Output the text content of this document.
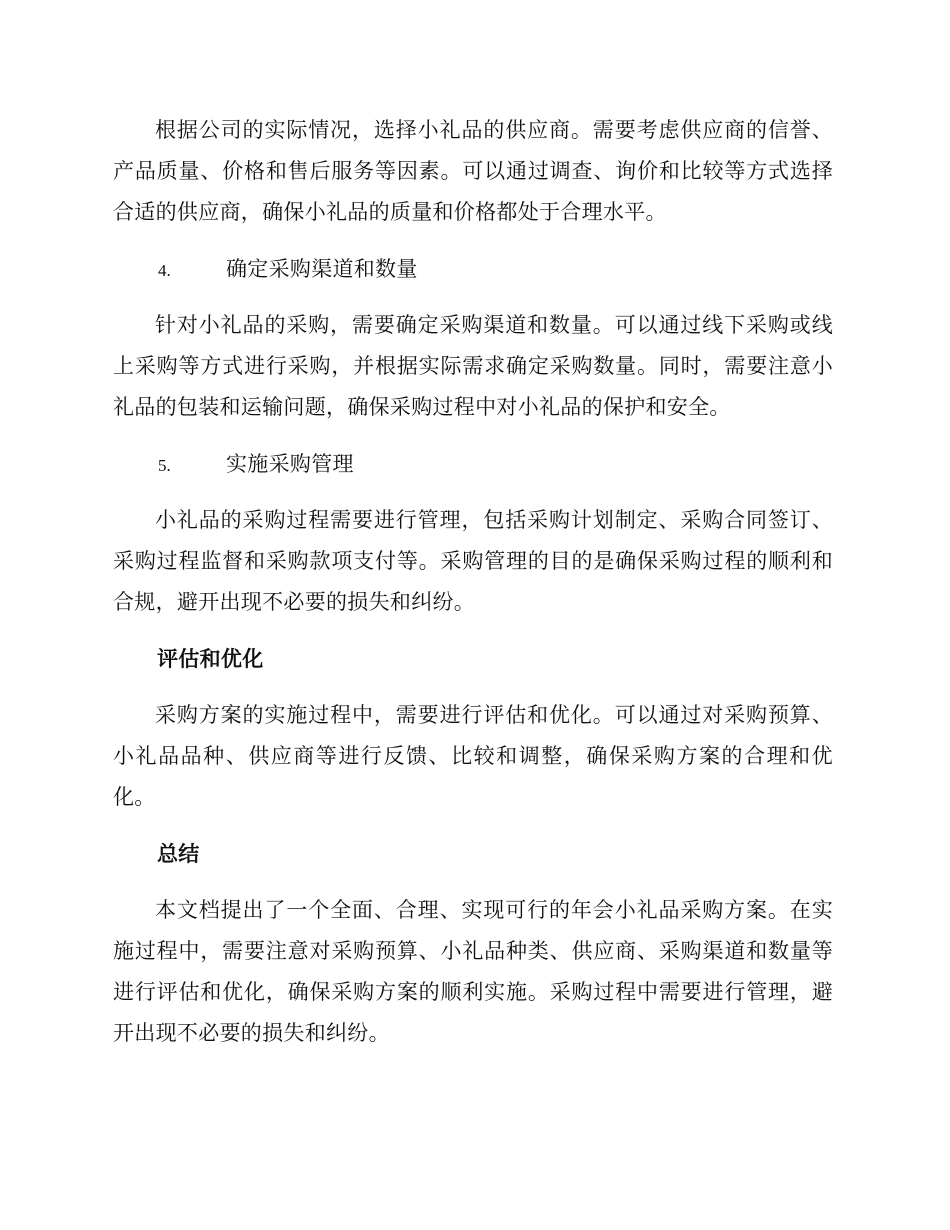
根据公司的实际情况，选择小礼品的供应商。需要考虑供应商的信誉、产品质量、价格和售后服务等因素。可以通过调查、询价和比较等方式选择合适的供应商，确保小礼品的质量和价格都处于合理水平。

4.	确定采购渠道和数量

针对小礼品的采购，需要确定采购渠道和数量。可以通过线下采购或线上采购等方式进行采购，并根据实际需求确定采购数量。同时，需要注意小礼品的包装和运输问题，确保采购过程中对小礼品的保护和安全。

5.	实施采购管理

小礼品的采购过程需要进行管理，包括采购计划制定、采购合同签订、采购过程监督和采购款项支付等。采购管理的目的是确保采购过程的顺利和合规，避开出现不必要的损失和纠纷。

评估和优化

采购方案的实施过程中，需要进行评估和优化。可以通过对采购预算、小礼品品种、供应商等进行反馈、比较和调整，确保采购方案的合理和优化。

总结

本文档提出了一个全面、合理、实现可行的年会小礼品采购方案。在实施过程中，需要注意对采购预算、小礼品种类、供应商、采购渠道和数量等进行评估和优化，确保采购方案的顺利实施。采购过程中需要进行管理，避开出现不必要的损失和纠纷。
